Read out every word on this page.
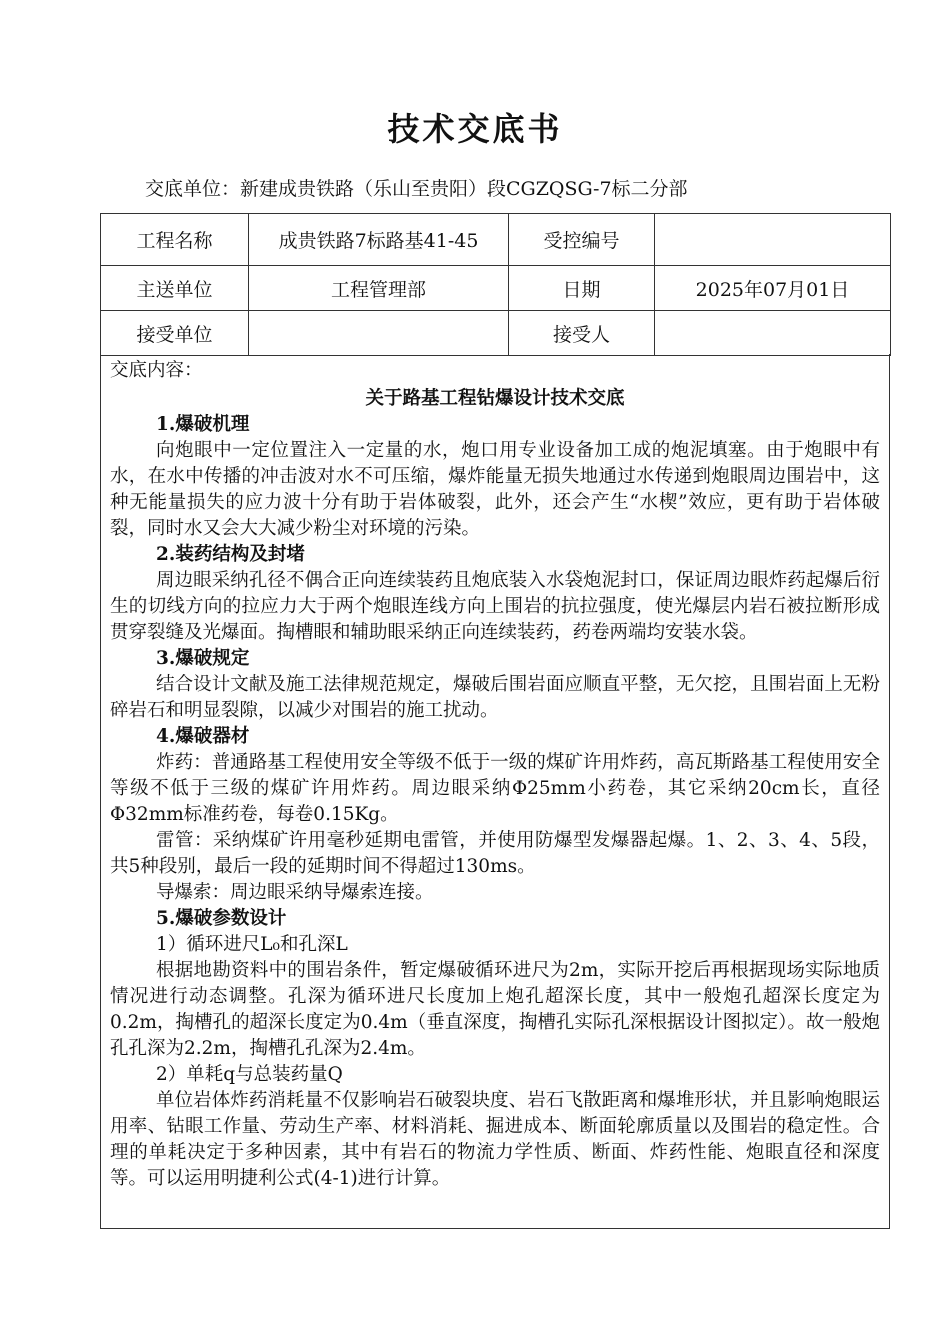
技术交底书
交底单位：新建成贵铁路（乐山至贵阳）段CGZQSG-7标二分部
工程名称	成贵铁路7标路基41-45	受控编号	
主送单位	工程管理部	日期	2025年07月01日
接受单位		接受人	
交底内容：
关于路基工程钻爆设计技术交底
1.爆破机理
向炮眼中一定位置注入一定量的水，炮口用专业设备加工成的炮泥填塞。由于炮眼中有水，在水中传播的冲击波对水不可压缩，爆炸能量无损失地通过水传递到炮眼周边围岩中，这种无能量损失的应力波十分有助于岩体破裂，此外，还会产生“水楔”效应，更有助于岩体破裂，同时水又会大大减少粉尘对环境的污染。
2.装药结构及封堵
周边眼采纳孔径不偶合正向连续装药且炮底装入水袋炮泥封口，保证周边眼炸药起爆后衍生的切线方向的拉应力大于两个炮眼连线方向上围岩的抗拉强度，使光爆层内岩石被拉断形成贯穿裂缝及光爆面。掏槽眼和辅助眼采纳正向连续装药，药卷两端均安装水袋。
3.爆破规定
结合设计文献及施工法律规范规定，爆破后围岩面应顺直平整，无欠挖，且围岩面上无粉碎岩石和明显裂隙，以减少对围岩的施工扰动。
4.爆破器材
炸药：普通路基工程使用安全等级不低于一级的煤矿许用炸药，高瓦斯路基工程使用安全等级不低于三级的煤矿许用炸药。周边眼采纳Φ25mm小药卷，其它采纳20cm长，直径Φ32mm标准药卷，每卷0.15Kg。
雷管：采纳煤矿许用毫秒延期电雷管，并使用防爆型发爆器起爆。1、2、3、4、5段，共5种段别，最后一段的延期时间不得超过130ms。
导爆索：周边眼采纳导爆索连接。
5.爆破参数设计
1）循环进尺L₀和孔深L
根据地勘资料中的围岩条件，暂定爆破循环进尺为2m，实际开挖后再根据现场实际地质情况进行动态调整。孔深为循环进尺长度加上炮孔超深长度，其中一般炮孔超深长度定为0.2m，掏槽孔的超深长度定为0.4m（垂直深度，掏槽孔实际孔深根据设计图拟定）。故一般炮孔孔深为2.2m，掏槽孔孔深为2.4m。
2）单耗q与总装药量Q
单位岩体炸药消耗量不仅影响岩石破裂块度、岩石飞散距离和爆堆形状，并且影响炮眼运用率、钻眼工作量、劳动生产率、材料消耗、掘进成本、断面轮廓质量以及围岩的稳定性。合理的单耗决定于多种因素，其中有岩石的物流力学性质、断面、炸药性能、炮眼直径和深度等。可以运用明捷利公式(4-1)进行计算。
